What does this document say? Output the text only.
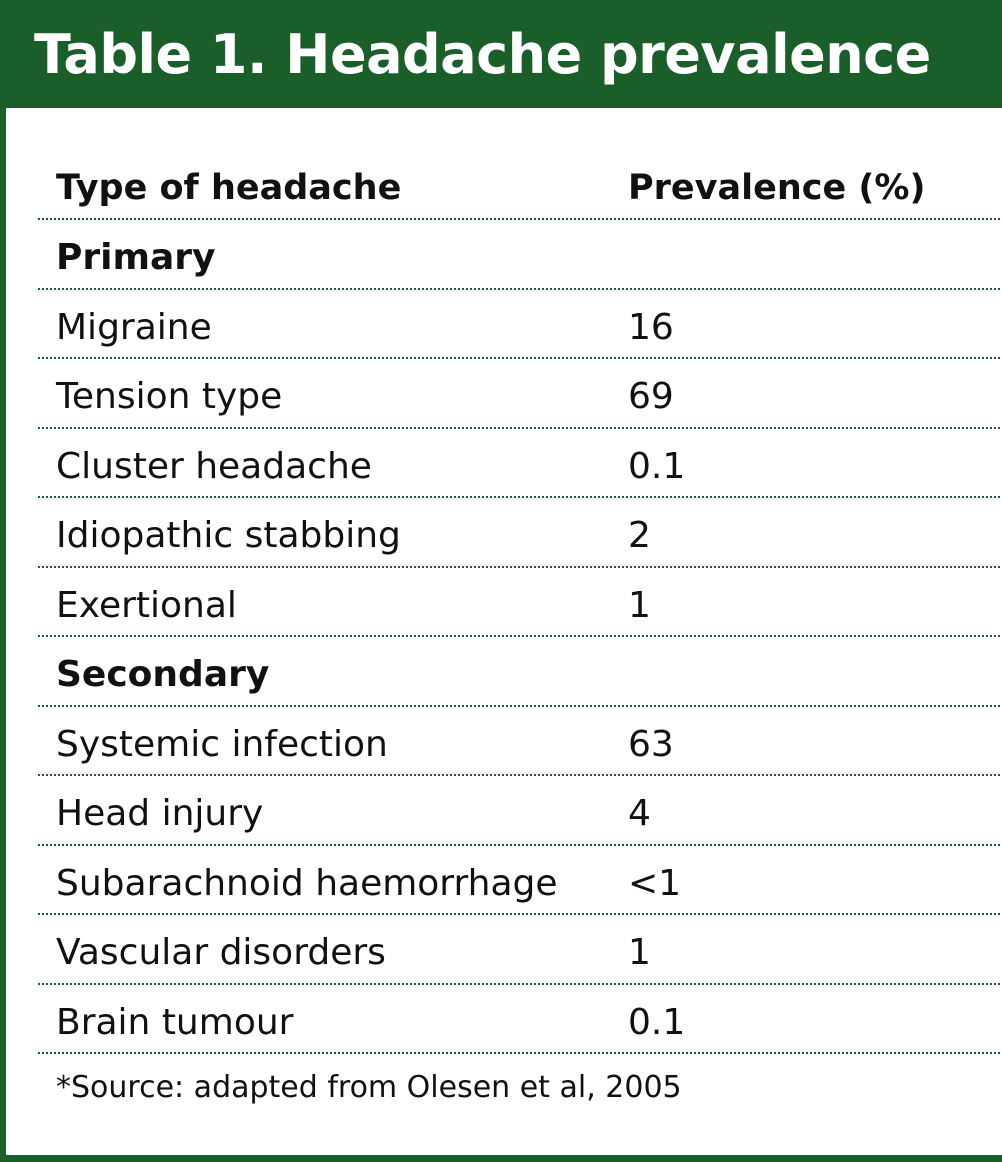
Table 1. Headache prevalence
Type of headache	Prevalence (%)
Primary
Migraine	16
Tension type	69
Cluster headache	0.1
Idiopathic stabbing	2
Exertional	1
Secondary
Systemic infection	63
Head injury	4
Subarachnoid haemorrhage <1
Vascular disorders	1
Brain tumour	0.1
*Source: adapted from Olesen et al, 2005
